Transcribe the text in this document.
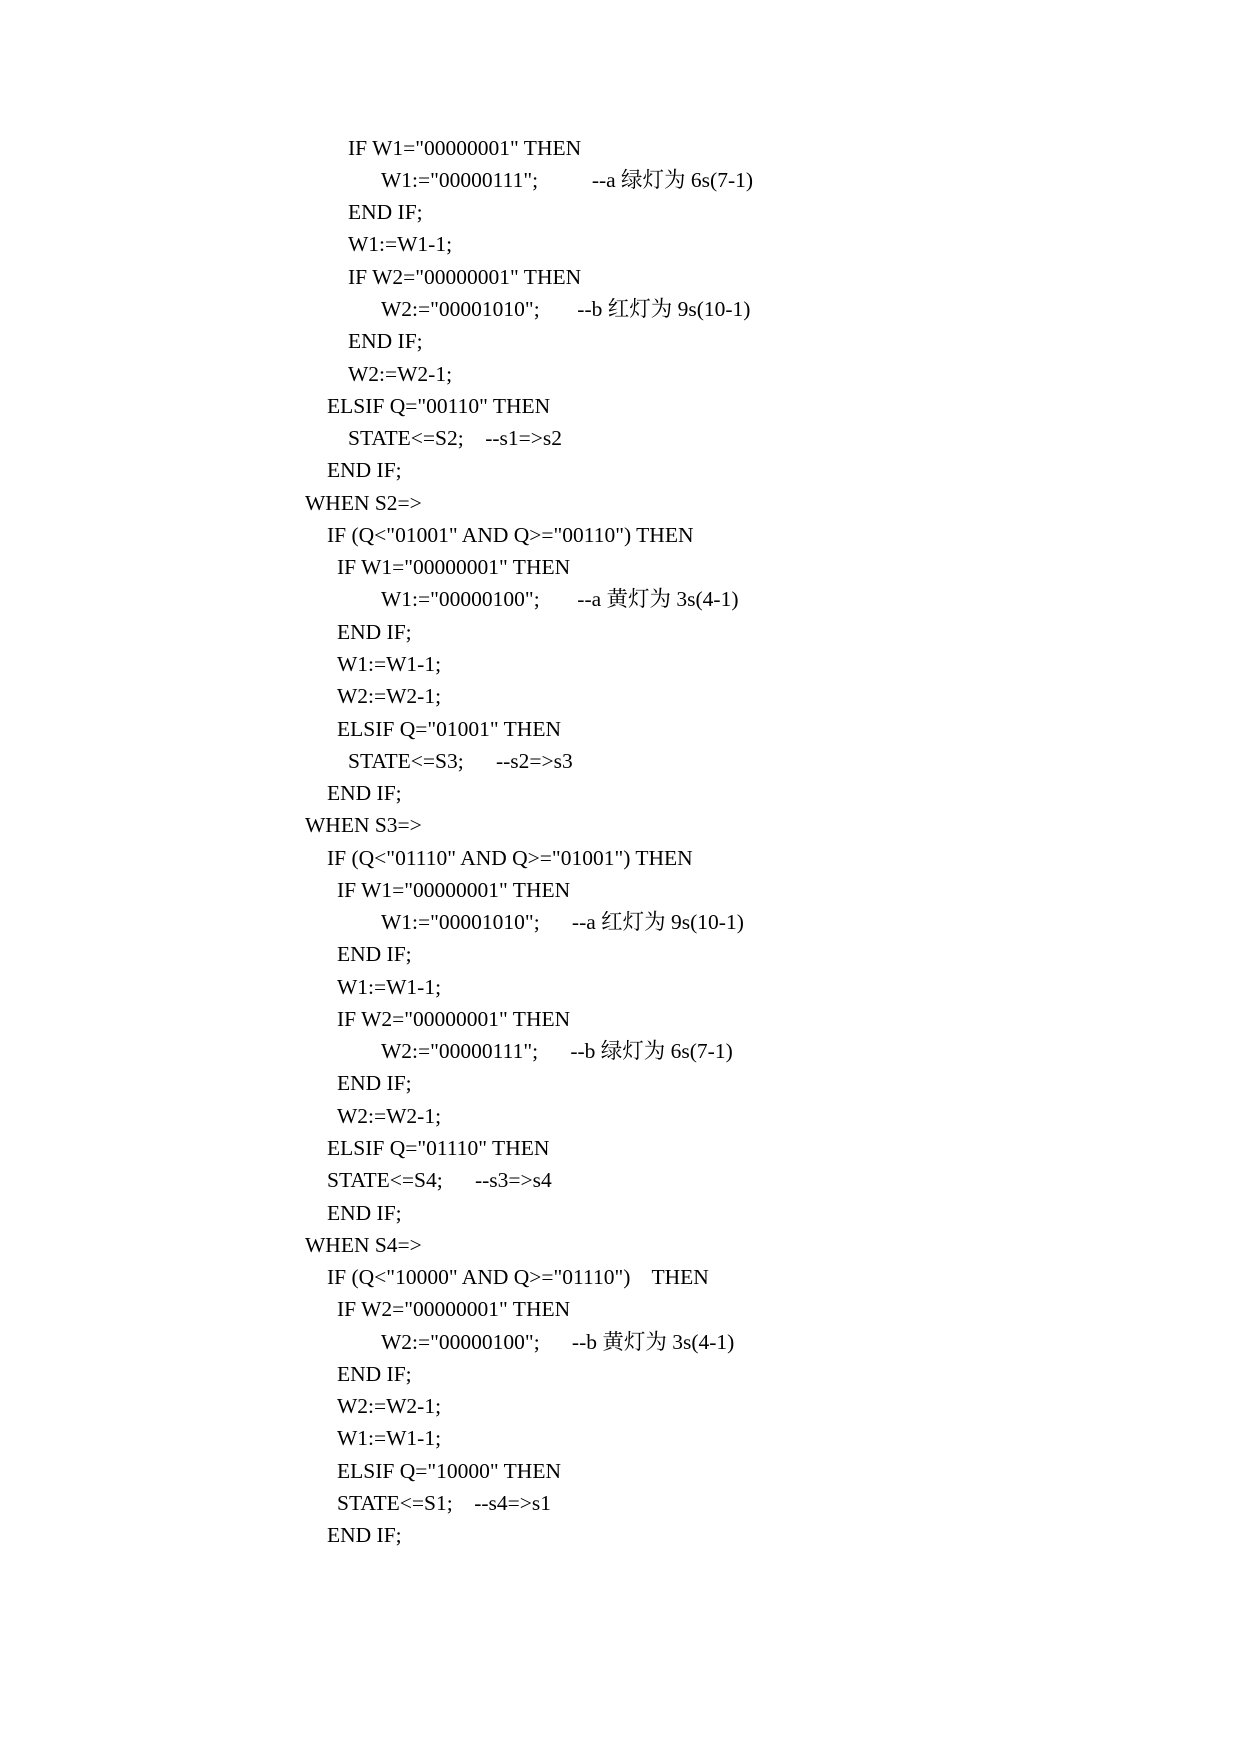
IF W1="00000001" THEN
W1:="00000111";          --a 绿灯为 6s(7-1)
END IF;
W1:=W1-1;
IF W2="00000001" THEN
W2:="00001010";       --b 红灯为 9s(10-1)
END IF;
W2:=W2-1;
ELSIF Q="00110" THEN
STATE<=S2;    --s1=>s2
END IF;
WHEN S2=>
IF (Q<"01001" AND Q>="00110") THEN
IF W1="00000001" THEN
W1:="00000100";       --a 黄灯为 3s(4-1)
END IF;
W1:=W1-1;
W2:=W2-1;
ELSIF Q="01001" THEN
STATE<=S3;      --s2=>s3
END IF;
WHEN S3=>
IF (Q<"01110" AND Q>="01001") THEN
IF W1="00000001" THEN
W1:="00001010";      --a 红灯为 9s(10-1)
END IF;
W1:=W1-1;
IF W2="00000001" THEN
W2:="00000111";      --b 绿灯为 6s(7-1)
END IF;
W2:=W2-1;
ELSIF Q="01110" THEN
STATE<=S4;      --s3=>s4
END IF;
WHEN S4=>
IF (Q<"10000" AND Q>="01110")    THEN
IF W2="00000001" THEN
W2:="00000100";      --b 黄灯为 3s(4-1)
END IF;
W2:=W2-1;
W1:=W1-1;
ELSIF Q="10000" THEN
STATE<=S1;    --s4=>s1
END IF;
